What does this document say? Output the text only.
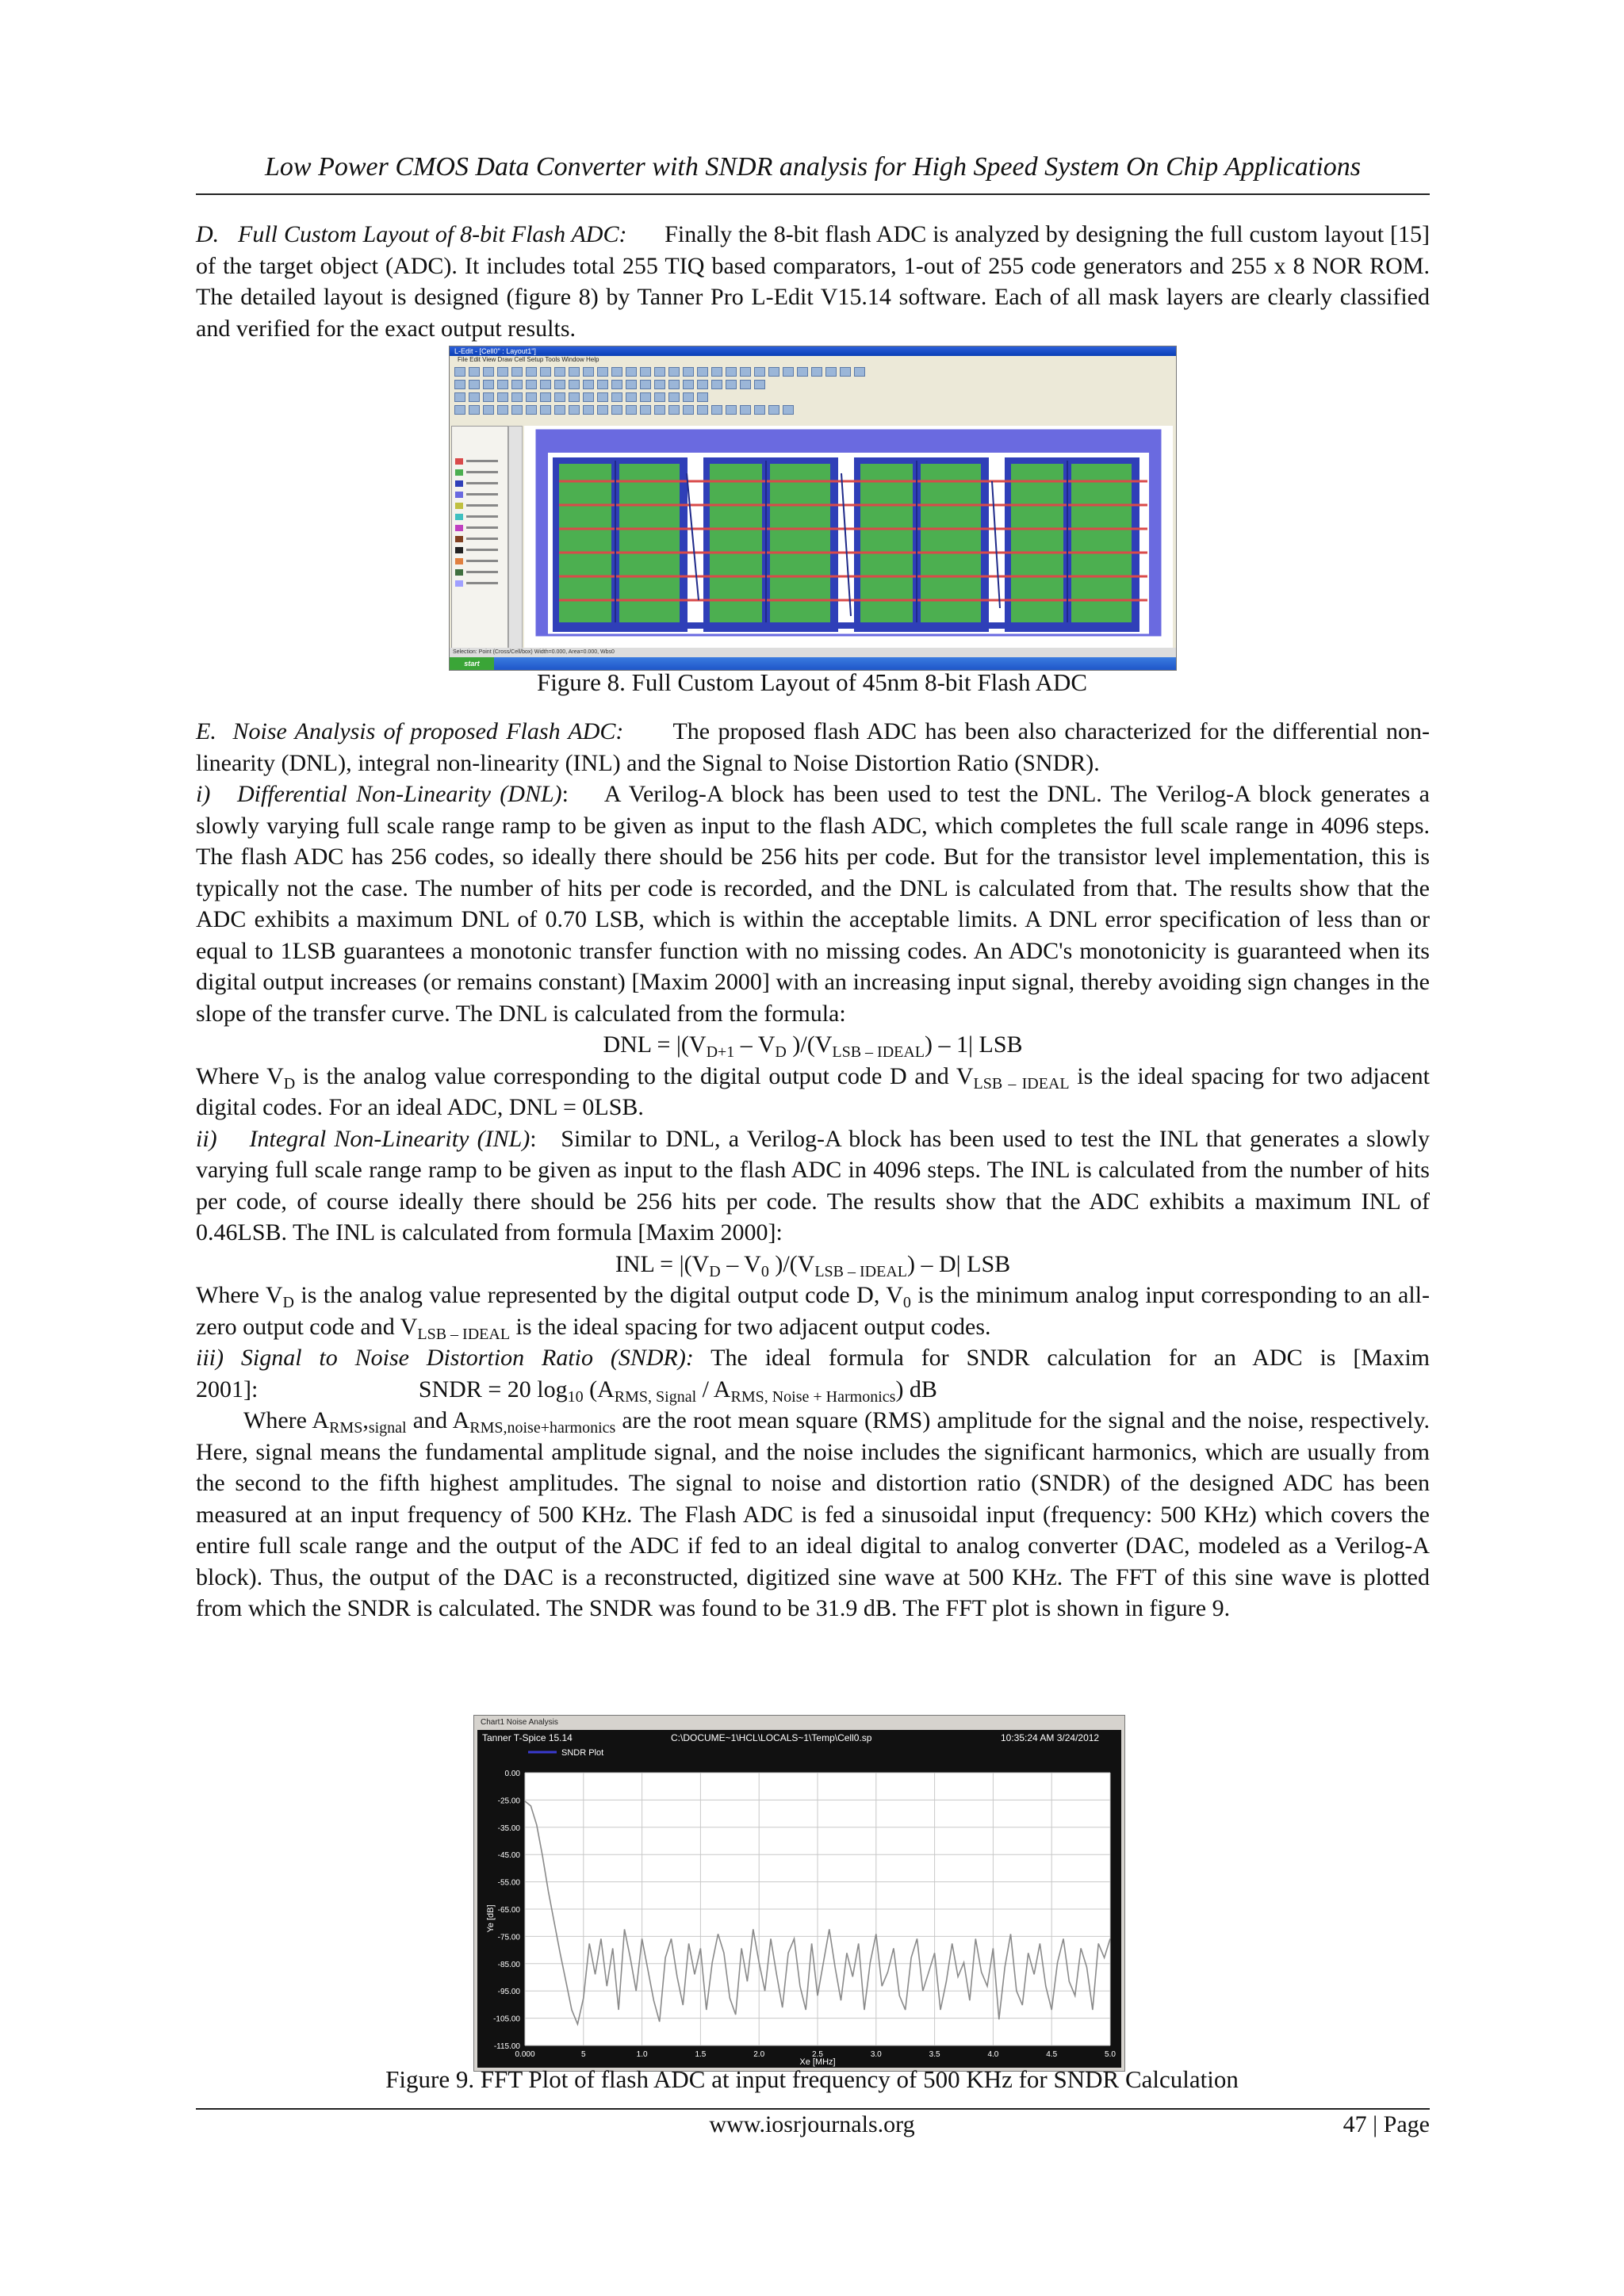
Low Power CMOS Data Converter with SNDR analysis for High Speed System On Chip Applications

D.   Full Custom Layout of 8-bit Flash ADC: Finally the 8-bit flash ADC is analyzed by designing the full custom layout [15] of the target object (ADC). It includes total 255 TIQ based comparators, 1-out of 255 code generators and 255 x 8 NOR ROM. The detailed layout is designed (figure 8) by Tanner Pro L-Edit V15.14 software. Each of all mask layers are clearly classified and verified for the exact output results.

L-Edit - [Cell0" : Layout1"]
File Edit View Draw Cell Setup Tools Window Help
Selection: Point (Cross/Cell/box) Width=0.000, Area=0.000, Wbs0
start
Figure 8. Full Custom Layout of 45nm 8-bit Flash ADC

E.  Noise Analysis of proposed Flash ADC: The proposed flash ADC has been also characterized for the differential non-linearity (DNL), integral non-linearity (INL) and the Signal to Noise Distortion Ratio (SNDR).

i)   Differential Non-Linearity (DNL): A Verilog-A block has been used to test the DNL. The Verilog-A block generates a slowly varying full scale range ramp to be given as input to the flash ADC, which completes the full scale range in 4096 steps. The flash ADC has 256 codes, so ideally there should be 256 hits per code. But for the transistor level implementation, this is typically not the case. The number of hits per code is recorded, and the DNL is calculated from that. The results show that the ADC exhibits a maximum DNL of 0.70 LSB, which is within the acceptable limits. A DNL error specification of less than or equal to 1LSB guarantees a monotonic transfer function with no missing codes. An ADC's monotonicity is guaranteed when its digital output increases (or remains constant) [Maxim 2000] with an increasing input signal, thereby avoiding sign changes in the slope of the transfer curve. The DNL is calculated from the formula:

DNL = $|(V_{D+1} - V_D$ )$/(V_{LSB - IDEAL}) - 1|$ LSB

Where $V_D$ is the analog value corresponding to the digital output code D and $V_{LSB - IDEAL}$ is the ideal spacing for two adjacent digital codes. For an ideal ADC, DNL = 0LSB.

ii)    Integral Non-Linearity (INL): Similar to DNL, a Verilog-A block has been used to test the INL that generates a slowly varying full scale range ramp to be given as input to the flash ADC in 4096 steps. The INL is calculated from the number of hits per code, of course ideally there should be 256 hits per code. The results show that the ADC exhibits a maximum INL of 0.46LSB. The INL is calculated from formula [Maxim 2000]:

INL = $|(V_D - V_0$ )$/(V_{LSB - IDEAL}) - D|$ LSB

Where $V_D$ is the analog value represented by the digital output code D, $V_0$ is the minimum analog input corresponding to an all-zero output code and $V_{LSB - IDEAL}$ is the ideal spacing for two adjacent output codes.

iii) Signal to Noise Distortion Ratio (SNDR): The ideal formula for SNDR calculation for an ADC is [Maxim 2001]:	SNDR = 20 $\log_{10} (A_{RMS, Signal} / A_{RMS, Noise + Harmonics})$ dB

Where $A_{RMS},_{signal}$ and $A_{RMS,noise+harmonics}$ are the root mean square (RMS) amplitude for the signal and the noise, respectively. Here, signal means the fundamental amplitude signal, and the noise includes the significant harmonics, which are usually from the second to the fifth highest amplitudes. The signal to noise and distortion ratio (SNDR) of the designed ADC has been measured at an input frequency of 500 KHz. The Flash ADC is fed a sinusoidal input (frequency: 500 KHz) which covers the entire full scale range and the output of the ADC if fed to an ideal digital to analog converter (DAC, modeled as a Verilog-A block). Thus, the output of the DAC is a reconstructed, digitized sine wave at 500 KHz. The FFT of this sine wave is plotted from which the SNDR is calculated. The SNDR was found to be 31.9 dB. The FFT plot is shown in figure 9.

Chart1 Noise Analysis
Tanner T-Spice 15.14	C:\DOCUME~1\HCL\LOCALS~1\Temp\Cell0.sp	10:35:24 AM 3/24/2012
0.00
-25.00
-35.00
-45.00
-55.00
-65.00
-75.00
-85.00
-95.00
-105.00
-115.00
0.000	5	1.0	1.5	2.0	2.5	3.0	3.5	4.0	4.5	5.0
SNDR Plot
Ye [dB]
Xe [MHz]
Figure 9. FFT Plot of flash ADC at input frequency of 500 KHz for SNDR Calculation
www.iosrjournals.org	47 | Page
